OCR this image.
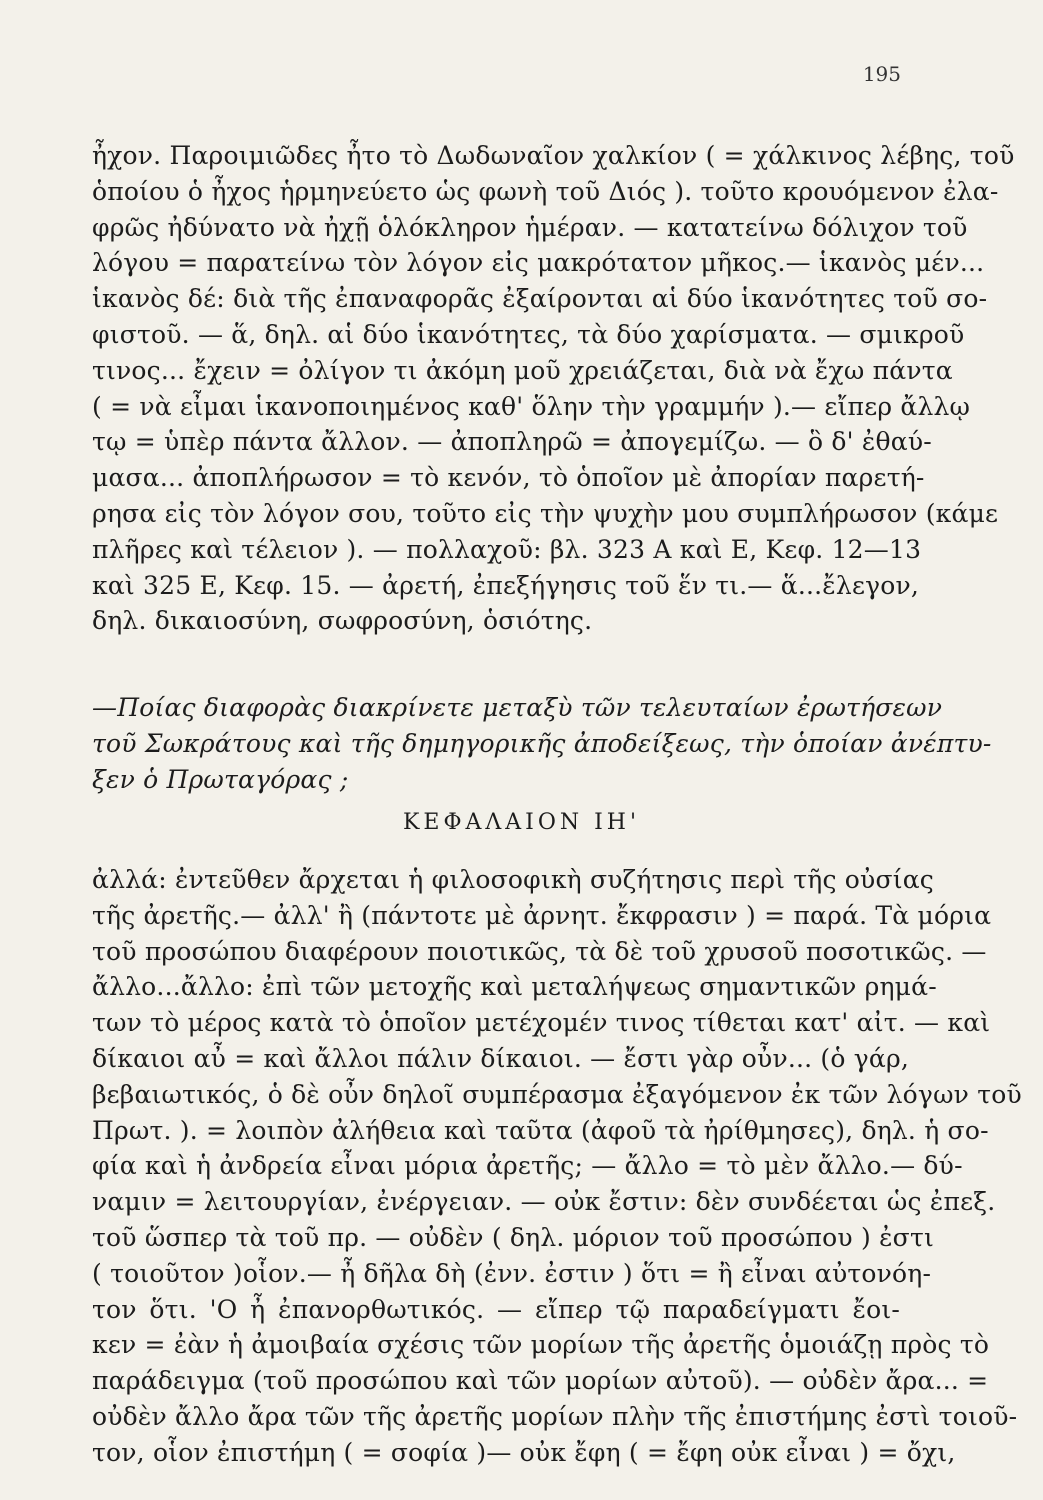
195
ἦχον. Παροιμιῶδες ἦτο τὸ Δωδωναῖον χαλκίον ( = χάλκινος λέβης, τοῦ
ὁποίου ὁ ἦχος ἡρμηνεύετο ὡς φωνὴ τοῦ Διός ). τοῦτο κρουόμενον ἐλα-
φρῶς ἠδύνατο νὰ ἠχῇ ὁλόκληρον ἡμέραν. — κατατείνω δόλιχον τοῦ
λόγου = παρατείνω τὸν λόγον εἰς μακρότατον μῆκος.— ἱκανὸς μέν...
ἱκανὸς δέ: διὰ τῆς ἐπαναφορᾶς ἐξαίρονται αἱ δύο ἱκανότητες τοῦ σο-
φιστοῦ. — ἅ, δηλ. αἱ δύο ἱκανότητες, τὰ δύο χαρίσματα. — σμικροῦ
τινος... ἔχειν = ὀλίγον τι ἀκόμη μοῦ χρειάζεται, διὰ νὰ ἔχω πάντα
( = νὰ εἶμαι ἱκανοποιημένος καθ' ὅλην τὴν γραμμήν ).— εἴπερ ἄλλῳ
τῳ = ὑπὲρ πάντα ἄλλον. — ἀποπληρῶ = ἀπογεμίζω. — ὃ δ' ἐθαύ-
μασα... ἀποπλήρωσον = τὸ κενόν, τὸ ὁποῖον μὲ ἀπορίαν παρετή-
ρησα εἰς τὸν λόγον σου, τοῦτο εἰς τὴν ψυχὴν μου συμπλήρωσον (κάμε
πλῆρες καὶ τέλειον ). — πολλαχοῦ: βλ. 323 Α καὶ Ε, Κεφ. 12—13
καὶ 325 Ε, Κεφ. 15. — ἀρετή, ἐπεξήγησις τοῦ ἕν τι.— ἅ...ἔλεγον,
δηλ. δικαιοσύνη, σωφροσύνη, ὁσιότης.
—Ποίας διαφορὰς διακρίνετε μεταξὺ τῶν τελευταίων ἐρωτήσεων
τοῦ Σωκράτους καὶ τῆς δημηγορικῆς ἀποδείξεως, τὴν ὁποίαν ἀνέπτυ-
ξεν ὁ Πρωταγόρας ;
ΚΕΦΑΛΑΙΟΝ ΙΗ'
ἀλλά: ἐντεῦθεν ἄρχεται ἡ φιλοσοφικὴ συζήτησις περὶ τῆς οὐσίας
τῆς ἀρετῆς.— ἀλλ' ἢ (πάντοτε μὲ ἀρνητ. ἔκφρασιν ) = παρά. Τὰ μόρια
τοῦ προσώπου διαφέρουν ποιοτικῶς, τὰ δὲ τοῦ χρυσοῦ ποσοτικῶς. —
ἄλλο...ἄλλο: ἐπὶ τῶν μετοχῆς καὶ μεταλήψεως σημαντικῶν ρημά-
των τὸ μέρος κατὰ τὸ ὁποῖον μετέχομέν τινος τίθεται κατ' αἰτ. — καὶ
δίκαιοι αὖ = καὶ ἄλλοι πάλιν δίκαιοι. — ἔστι γὰρ οὖν... (ὁ γάρ,
βεβαιωτικός, ὁ δὲ οὖν δηλοῖ συμπέρασμα ἐξαγόμενον ἐκ τῶν λόγων τοῦ
Πρωτ. ). = λοιπὸν ἀλήθεια καὶ ταῦτα (ἀφοῦ τὰ ἠρίθμησες), δηλ. ἡ σο-
φία καὶ ἡ ἀνδρεία εἶναι μόρια ἀρετῆς; — ἄλλο = τὸ μὲν ἄλλο.— δύ-
ναμιν = λειτουργίαν, ἐνέργειαν. — οὐκ ἔστιν: δὲν συνδέεται ὡς ἐπεξ.
τοῦ ὥσπερ τὰ τοῦ πρ. — οὐδὲν ( δηλ. μόριον τοῦ προσώπου ) ἐστι
( τοιοῦτον )οἷον.— ἦ δῆλα δὴ (ἐνν. ἐστιν ) ὅτι = ἢ εἶναι αὐτονόη-
τον ὅτι. 'Ο ἦ ἐπανορθωτικός. — εἴπερ τῷ παραδείγματι ἔοι-
κεν = ἐὰν ἡ ἀμοιβαία σχέσις τῶν μορίων τῆς ἀρετῆς ὁμοιάζῃ πρὸς τὸ
παράδειγμα (τοῦ προσώπου καὶ τῶν μορίων αὐτοῦ). — οὐδὲν ἄρα... =
οὐδὲν ἄλλο ἄρα τῶν τῆς ἀρετῆς μορίων πλὴν τῆς ἐπιστήμης ἐστὶ τοιοῦ-
τον, οἷον ἐπιστήμη ( = σοφία )— οὐκ ἔφη ( = ἔφη οὐκ εἶναι ) = ὄχι,
